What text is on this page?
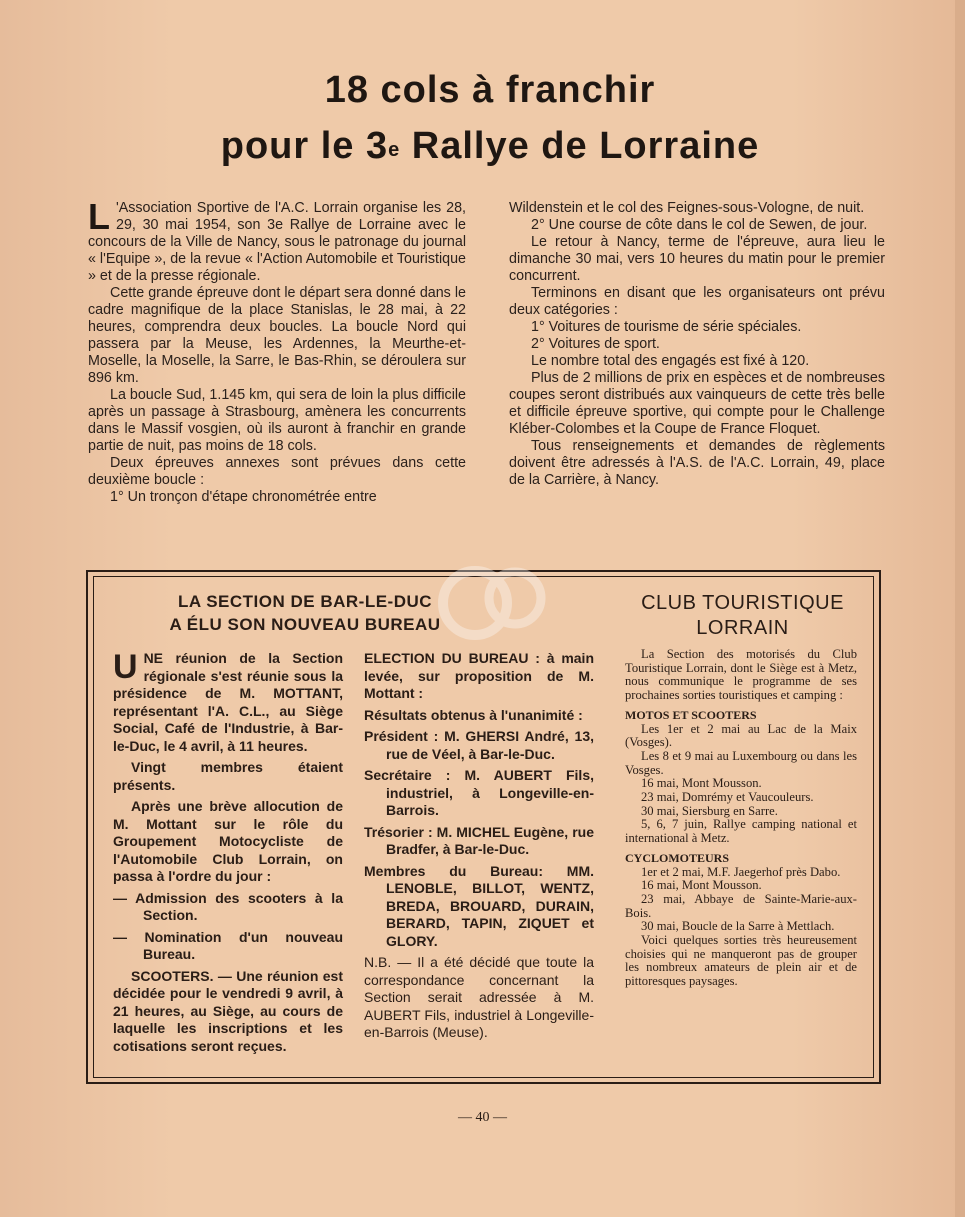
18 cols à franchir
pour le 3e Rallye de Lorraine

L 'Association Sportive de l'A.C. Lorrain organise les 28, 29, 30 mai 1954, son 3e Rallye de Lorraine avec le concours de la Ville de Nancy, sous le patronage du journal « l'Equipe », de la revue « l'Action Automobile et Touristique » et de la presse régionale.

Cette grande épreuve dont le départ sera donné dans le cadre magnifique de la place Stanislas, le 28 mai, à 22 heures, comprendra deux boucles. La boucle Nord qui passera par la Meuse, les Ardennes, la Meurthe-et-Moselle, la Moselle, la Sarre, le Bas-Rhin, se déroulera sur 896 km.

La boucle Sud, 1.145 km, qui sera de loin la plus difficile après un passage à Strasbourg, amènera les concurrents dans le Massif vosgien, où ils auront à franchir en grande partie de nuit, pas moins de 18 cols.

Deux épreuves annexes sont prévues dans cette deuxième boucle :

1° Un tronçon d'étape chronométrée entre

Wildenstein et le col des Feignes-sous-Vologne, de nuit.

2° Une course de côte dans le col de Sewen, de jour.

Le retour à Nancy, terme de l'épreuve, aura lieu le dimanche 30 mai, vers 10 heures du matin pour le premier concurrent.

Terminons en disant que les organisateurs ont prévu deux catégories :

1° Voitures de tourisme de série spéciales.

2° Voitures de sport.

Le nombre total des engagés est fixé à 120.

Plus de 2 millions de prix en espèces et de nombreuses coupes seront distribués aux vainqueurs de cette très belle et difficile épreuve sportive, qui compte pour le Challenge Kléber-Colombes et la Coupe de France Floquet.

Tous renseignements et demandes de règlements doivent être adressés à l'A.S. de l'A.C. Lorrain, 49, place de la Carrière, à Nancy.

LA SECTION DE BAR-LE-DUC
A ÉLU SON NOUVEAU BUREAU

UNE réunion de la Section régionale s'est réunie sous la présidence de M. MOTTANT, représentant l'A. C.L., au Siège Social, Café de l'Industrie, à Bar-le-Duc, le 4 avril, à 11 heures.

Vingt membres étaient présents.

Après une brève allocution de M. Mottant sur le rôle du Groupement Motocycliste de l'Automobile Club Lorrain, on passa à l'ordre du jour :

— Admission des scooters à la Section.

— Nomination d'un nouveau Bureau.

SCOOTERS. — Une réunion est décidée pour le vendredi 9 avril, à 21 heures, au Siège, au cours de laquelle les inscriptions et les cotisations seront reçues.

ELECTION DU BUREAU : à main levée, sur proposition de M. Mottant :

Résultats obtenus à l'unanimité :

Président : M. GHERSI André, 13, rue de Véel, à Bar-le-Duc.

Secrétaire : M. AUBERT Fils, industriel, à Longeville-en-Barrois.

Trésorier : M. MICHEL Eugène, rue Bradfer, à Bar-le-Duc.

Membres du Bureau: MM. LENOBLE, BILLOT, WENTZ, BREDA, BROUARD, DURAIN, BERARD, TAPIN, ZIQUET et GLORY.

N.B. — Il a été décidé que toute la correspondance concernant la Section serait adressée à M. AUBERT Fils, industriel à Longeville-en-Barrois (Meuse).

CLUB TOURISTIQUE
LORRAIN

La Section des motorisés du Club Touristique Lorrain, dont le Siège est à Metz, nous communique le programme de ses prochaines sorties touristiques et camping :

MOTOS ET SCOOTERS

Les 1er et 2 mai au Lac de la Maix (Vosges).

Les 8 et 9 mai au Luxembourg ou dans les Vosges.

16 mai, Mont Mousson.

23 mai, Domrémy et Vaucouleurs.

30 mai, Siersburg en Sarre.

5, 6, 7 juin, Rallye camping national et international à Metz.

CYCLOMOTEURS

1er et 2 mai, M.F. Jaegerhof près Dabo.

16 mai, Mont Mousson.

23 mai, Abbaye de Sainte-Marie-aux-Bois.

30 mai, Boucle de la Sarre à Mettlach.

Voici quelques sorties très heureusement choisies qui ne manqueront pas de grouper les nombreux amateurs de plein air et de pittoresques paysages.

— 40 —
